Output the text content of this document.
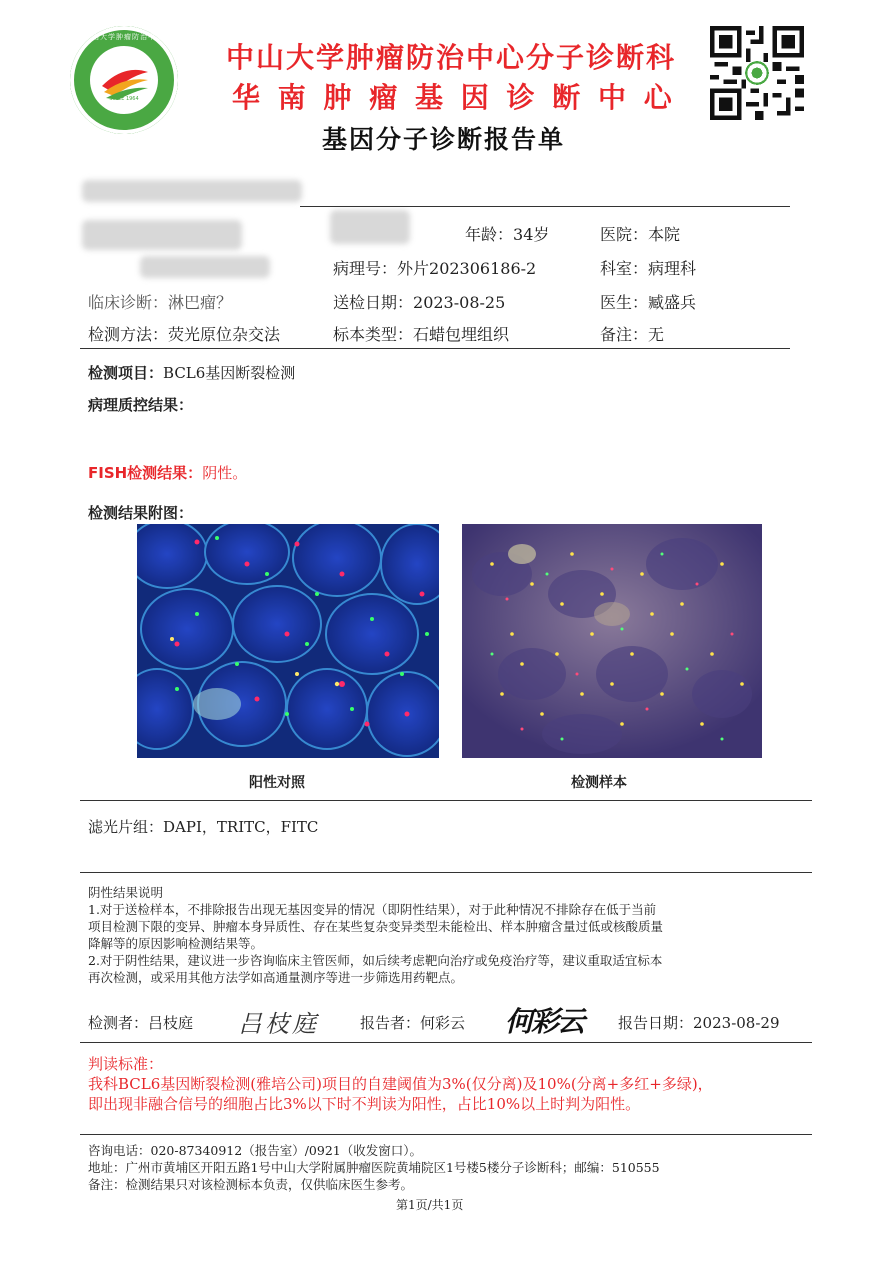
中山大学肿瘤防治中心
SINCE 1964
中山大学肿瘤防治中心分子诊断科
华 南 肿 瘤 基 因 诊 断 中 心
基因分子诊断报告单
年龄：34岁	医院：本院
病理号：外片202306186-2	科室：病理科
临床诊断：淋巴瘤？	送检日期：2023-08-25	医生：臧盛兵
检测方法：荧光原位杂交法	标本类型：石蜡包埋组织	备注：无
检测项目：BCL6基因断裂检测
病理质控结果：
FISH检测结果：阴性。
检测结果附图：
阳性对照	检测样本
滤光片组：DAPI，TRITC，FITC
阴性结果说明
1.对于送检样本，不排除报告出现无基因变异的情况（即阴性结果），对于此种情况不排除存在低于当前
项目检测下限的变异、肿瘤本身异质性、存在某些复杂变异类型未能检出、样本肿瘤含量过低或核酸质量
降解等的原因影响检测结果等。
2.对于阴性结果，建议进一步咨询临床主管医师，如后续考虑靶向治疗或免疫治疗等，建议重取适宜标本
再次检测，或采用其他方法学如高通量测序等进一步筛选用药靶点。
检测者：吕枝庭 吕枝庭	报告者：何彩云 何彩云 报告日期：2023-08-29
判读标准：
我科BCL6基因断裂检测(雅培公司)项目的自建阈值为3%(仅分离)及10%(分离+多红+多绿)，
即出现非融合信号的细胞占比3%以下时不判读为阳性，占比10%以上时判为阳性。
咨询电话：020-87340912（报告室）/0921（收发窗口）。
地址：广州市黄埔区开阳五路1号中山大学附属肿瘤医院黄埔院区1号楼5楼分子诊断科；邮编：510555
备注：检测结果只对该检测标本负责，仅供临床医生参考。
第1页/共1页
